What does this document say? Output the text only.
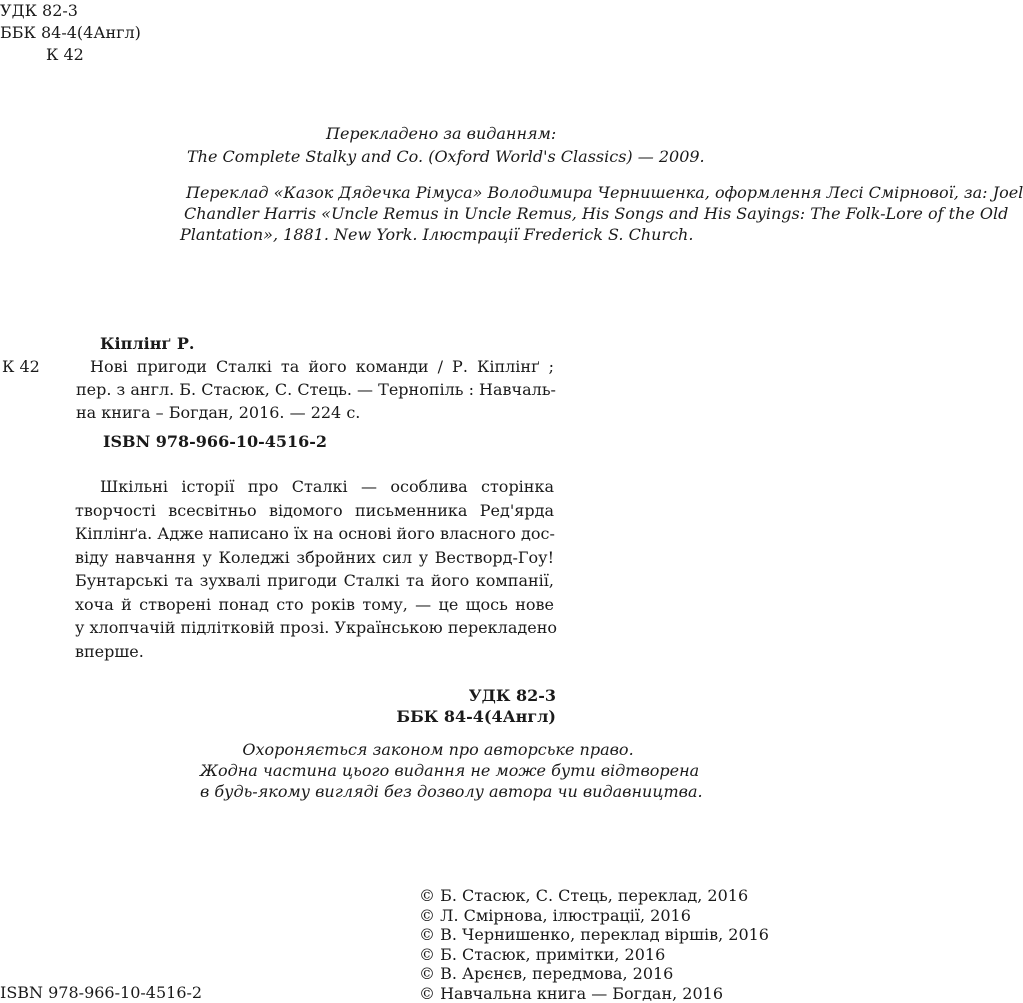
УДК 82-3
ББК 84-4(4Англ)
К 42
Перекладено за виданням:
The Complete Stalky and Co. (Oxford World's Classics) — 2009.
Переклад «Казок Дядечка Рімуса» Володимира Чернишенка, оформлення Лесі Смірнової, за: Joel
Chandler Harris «Uncle Remus in Uncle Remus, His Songs and His Sayings: The Folk-Lore of the Old
Plantation», 1881. New York. Ілюстрації Frederick S. Church.
Кіплінґ Р.
К 42	Нові пригоди Сталкі та його команди / Р. Кіплінґ ;
пер. з англ. Б. Стасюк, С. Стець. — Тернопіль : Навчаль-
на книга – Богдан, 2016. — 224 с.
ISBN 978-966-10-4516-2
Шкільні історії про Сталкі — особлива сторінка
творчості всесвітньо відомого письменника Ред'ярда
Кіплінґа. Адже написано їх на основі його власного дос-
віду навчання у Коледжі збройних сил у Вестворд-Гоу!
Бунтарські та зухвалі пригоди Сталкі та його компанії,
хоча й створені понад сто років тому, — це щось нове
у хлопчачій підлітковій прозі. Українською перекладено
вперше.
УДК 82-3
ББК 84-4(4Англ)
Охороняється законом про авторське право.
Жодна частина цього видання не може бути відтворена
в будь-якому вигляді без дозволу автора чи видавництва.
© Б. Стасюк, С. Стець, переклад, 2016
© Л. Смірнова, ілюстрації, 2016
© В. Чернишенко, переклад віршів, 2016
© Б. Стасюк, примітки, 2016
© В. Арєнєв, передмова, 2016
© Навчальна книга — Богдан, 2016
ISBN 978-966-10-4516-2
